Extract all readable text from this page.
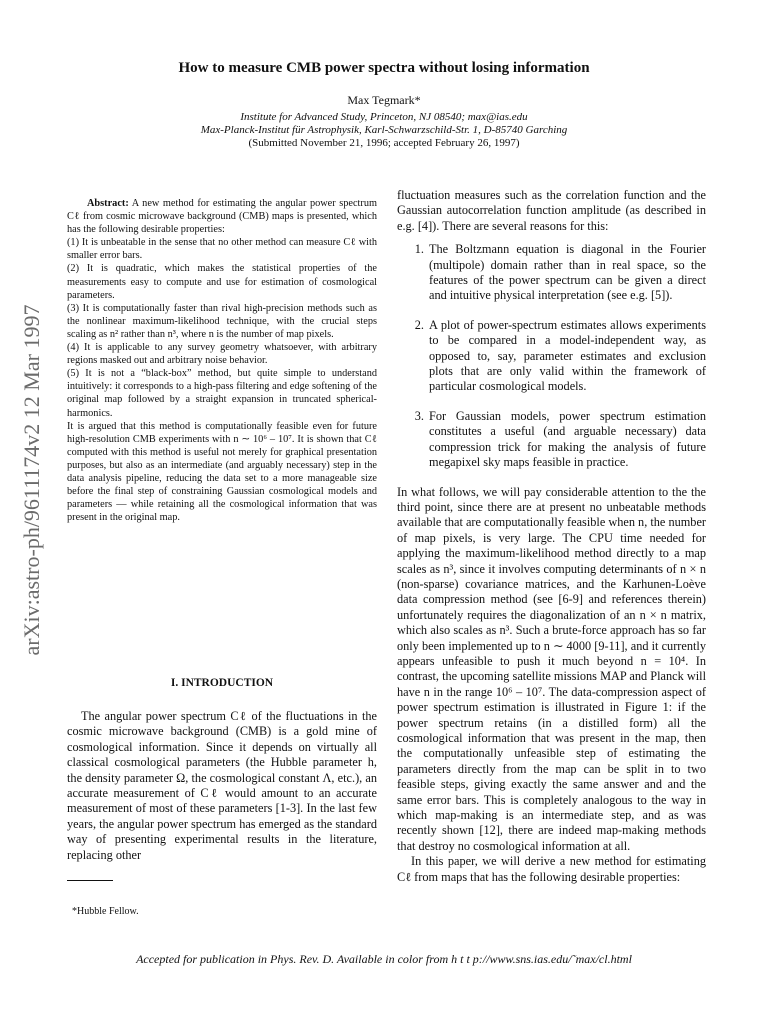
arXiv:astro-ph/9611174v2 12 Mar 1997

How to measure CMB power spectra without losing information

Max Tegmark*

Institute for Advanced Study, Princeton, NJ 08540; max@ias.edu

Max-Planck-Institut für Astrophysik, Karl-Schwarzschild-Str. 1, D-85740 Garching

(Submitted November 21, 1996; accepted February 26, 1997)

Abstract: A new method for estimating the angular power spectrum Cℓ from cosmic microwave background (CMB) maps is presented, which has the following desirable properties:

(1) It is unbeatable in the sense that no other method can measure Cℓ with smaller error bars.

(2) It is quadratic, which makes the statistical properties of the measurements easy to compute and use for estimation of cosmological parameters.

(3) It is computationally faster than rival high-precision methods such as the nonlinear maximum-likelihood technique, with the crucial steps scaling as n² rather than n³, where n is the number of map pixels.

(4) It is applicable to any survey geometry whatsoever, with arbitrary regions masked out and arbitrary noise behavior.

(5) It is not a “black-box” method, but quite simple to understand intuitively: it corresponds to a high-pass filtering and edge softening of the original map followed by a straight expansion in truncated spherical-harmonics.

It is argued that this method is computationally feasible even for future high-resolution CMB experiments with n ∼ 10⁶ – 10⁷. It is shown that Cℓ computed with this method is useful not merely for graphical presentation purposes, but also as an intermediate (and arguably necessary) step in the data analysis pipeline, reducing the data set to a more manageable size before the final step of constraining Gaussian cosmological models and parameters — while retaining all the cosmological information that was present in the original map.

I. INTRODUCTION

The angular power spectrum Cℓ of the fluctuations in the cosmic microwave background (CMB) is a gold mine of cosmological information. Since it depends on virtually all classical cosmological parameters (the Hubble parameter h, the density parameter Ω, the cosmological constant Λ, etc.), an accurate measurement of Cℓ would amount to an accurate measurement of most of these parameters [1-3]. In the last few years, the angular power spectrum has emerged as the standard way of presenting experimental results in the literature, replacing other

fluctuation measures such as the correlation function and the Gaussian autocorrelation function amplitude (as described in e.g. [4]). There are several reasons for this:

1. The Boltzmann equation is diagonal in the Fourier (multipole) domain rather than in real space, so the features of the power spectrum can be given a direct and intuitive physical interpretation (see e.g. [5]).
2. A plot of power-spectrum estimates allows experiments to be compared in a model-independent way, as opposed to, say, parameter estimates and exclusion plots that are only valid within the framework of particular cosmological models.
3. For Gaussian models, power spectrum estimation constitutes a useful (and arguable necessary) data compression trick for making the analysis of future megapixel sky maps feasible in practice.

In what follows, we will pay considerable attention to the the third point, since there are at present no unbeatable methods available that are computationally feasible when n, the number of map pixels, is very large. The CPU time needed for applying the maximum-likelihood method directly to a map scales as n³, since it involves computing determinants of n × n (non-sparse) covariance matrices, and the Karhunen-Loève data compression method (see [6-9] and references therein) unfortunately requires the diagonalization of an n × n matrix, which also scales as n³. Such a brute-force approach has so far only been implemented up to n ∼ 4000 [9-11], and it currently appears unfeasible to push it much beyond n = 10⁴. In contrast, the upcoming satellite missions MAP and Planck will have n in the range 10⁶ – 10⁷. The data-compression aspect of power spectrum estimation is illustrated in Figure 1: if the power spectrum retains (in a distilled form) all the cosmological information that was present in the map, then the computationally unfeasible step of estimating the parameters directly from the map can be split in to two feasible steps, giving exactly the same answer and and the same error bars. This is completely analogous to the way in which map-making is an intermediate step, and as was recently shown [12], there are indeed map-making methods that destroy no cosmological information at all.

In this paper, we will derive a new method for estimating Cℓ from maps that has the following desirable properties:

*Hubble Fellow.
Accepted for publication in Phys. Rev. D. Available in color from h t t p://www.sns.ias.edu/˜max/cl.html
